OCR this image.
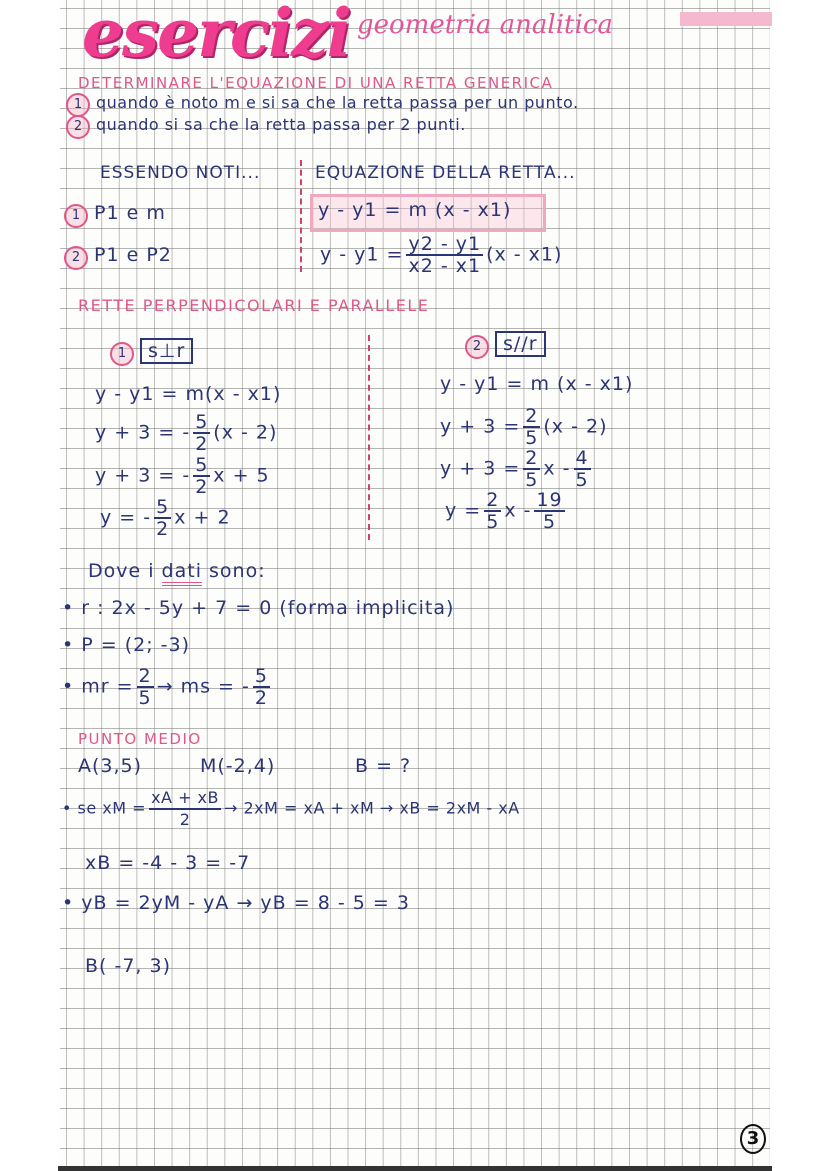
esercizi geometria analitica
DETERMINARE L'EQUAZIONE DI UNA RETTA GENERICA
1 quando è noto m e si sa che la retta passa per un punto.
2 quando si sa che la retta passa per 2 punti.
ESSENDO NOTI...	EQUAZIONE DELLA RETTA...
1 P1 e m	y - y1 = m (x - x1)
2 P1 e P2	$y - y1 = \frac{y2 - y1}{x2 - x1} (x - x1)$
RETTE PERPENDICOLARI E PARALLELE
1 s⊥r
y - y1 = m(x - x1)
y + 3 = - $\frac{5}{2} (x - 2)$
y + 3 = - $\frac{5}{2}$ x + 5
y = - $\frac{5}{2}$ x + 2
2 s//r
y - y1 = m (x - x1)
$y + 3 = \frac{2}{5} (x - 2)$
$y + 3 = \frac{2}{5}$ x - $\frac{4}{5}$
$y = \frac{2}{5}$ x - $\frac{19}{5}$
Dove i dati sono:
• r : 2x - 5y + 7 = 0 (forma implicita)
• P = (2; -3)
• mr = $\frac{2}{5}$ → ms = - $\frac{5}{2}$
PUNTO MEDIO
A(3,5)	M(-2,4)	B = ?
• se xM = $\frac{xA + xB}{2} \to 2xM$ = xA + xM → xB = 2xM - xA
xB = -4 - 3 = -7
• yB = 2yM - yA → yB = 8 - 5 = 3
B( -7, 3)
3
